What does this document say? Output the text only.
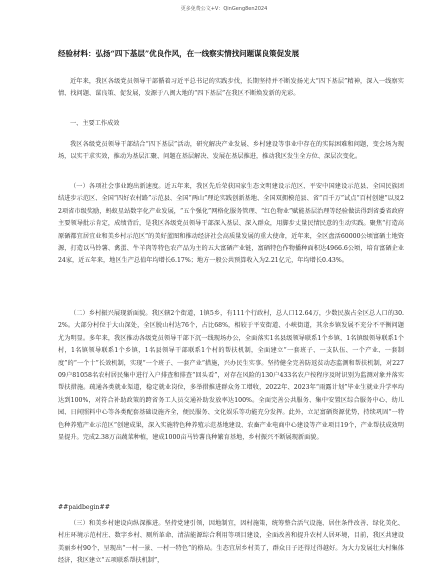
更多免费公文+V：QinGeng8en2024
经验材料：弘扬“四下基层”优良作风，在一线察实情找问题谋良策促发展

近年来，我区各级党员领导干部循着习近平总书记的实践步伐，长期坚持并不断发扬光大“四下基层”精神，深入一线察实情、找问题、谋良策、促发展，发源于八闽大地的“四下基层”在我区不断焕发新的光彩。

一、主要工作成效

我区各级党员领导干部结合“四下基层”活动，研究解决产业发展、乡村建设等事业中存在的实际困难和问题，变会场为现场，以实干求实效，推动为基层汇聚、问题在基层解决、发展在基层推进，推动我区发生全方位、深层次变化。

（一）各项社会事业跑出新速度。近五年来，我区先后荣获国家生态文明建设示范区、平安中国建设示范县、全国民族团结进步示范区、全国“四好农村路”示范县、全国“两山”理论实践创新基地、全国双拥模范县、省“百千万”试点“百村创建”以及22项省市级奖励，蚂蚁星站数字化产业发展，“五个强化”网格化服务管理、“红色物业”赋能基层治理等经验做法得到省委省政府主要领导批示肯定，成绩背后，是我区各级党员领导干部深入基层、深入群众，用脚步丈量民情民意的生动实践。聚焦“打造高原硒都宜居宜业和美乡村示范区”的美好蓝图和推动经济社会高质量发展的重大使命，近年来，全区盘活60000公顷富硒土地资源，打造以马铃薯、禽蛋、牛羊肉等特色农产品为主的五大富硒产业链，富硒特色作物播种面积达4966.6公顷，培育富硒企业24家，近五年来，地区生产总值年均增长6.17%；地方一般公共预算收入为2.21亿元，年均增长0.43%。

（二）乡村振兴展现新面貌。我区辖2个街道，1镇5乡，有111个行政村，总人口12.64万，少数民族占全区总人口的30.2%。大部分村位于大山深处，全区脱山村达76个，占比68%，相较于平安街道、小峡街道，其余乡镇发展不充分不平衡问题尤为明显。多年来，我区推动各级党员领导干部下沉一线现场办公，全面落实1名县级领导联系1个乡镇、1名镇级领导联系1个村，1名镇领导联系1个乡镇，1名县领导干部联系1个村的帮扶机制，全面建立“一套班子、一支队伍、一个产业、一套制度”的“一个十”长效机制，实现“一个班子、一套产业”措施，兴办民生实事。坚持健全完善防返贫动态监测和帮扶机制，对22709户81058名农村居民集中进行入户排查和排查“回头看”，对存在风险的130户433名农户按程序及时识别为监测对象并落实帮扶措施。疏通各类就业渠道，稳定就业岗位，多举措推进群众务工增收，2022年、2023年“雨露计划”毕业生就业升学率均达到100%，对符合补助政策的跨省务工人员交通补助发放率达100%。全面完善公共服务、集中安置区综合服务中心、幼儿园、日间照料中心等各类配套基础设施齐全，便民服务、文化娱乐等功能充分发挥。此外，立足富硒资源优势，持续巩固“一特色种养殖产业示范区”创建成果，深入实施特色种养殖示范基地建设、农畜产业电商中心建设等产业项目19个，产业帮扶成效明显提升。完成2.38万亩蔬菜种植，建成1000亩马铃薯良种繁育基地，乡村振兴不断展现新面貌。

##paidbegin##

（三）和美乡村建设向纵深推进。坚持党建引领，因地制宜，因村施策，统筹整合活气设施、居住条件改善、绿化美化、村庄环境示范村庄、数字乡村、厕所革命、清洁能源综合利用等项目建设，全面改善和提升农村人居环境，目前，我区共建设美丽乡村90个，呈现出“一村一景、一村一特色”的格局。生态宜居乡村美了，群众日子还得过得越好。为大力发展壮大村集体经济，我区建立“五项联系帮扶机制”，
